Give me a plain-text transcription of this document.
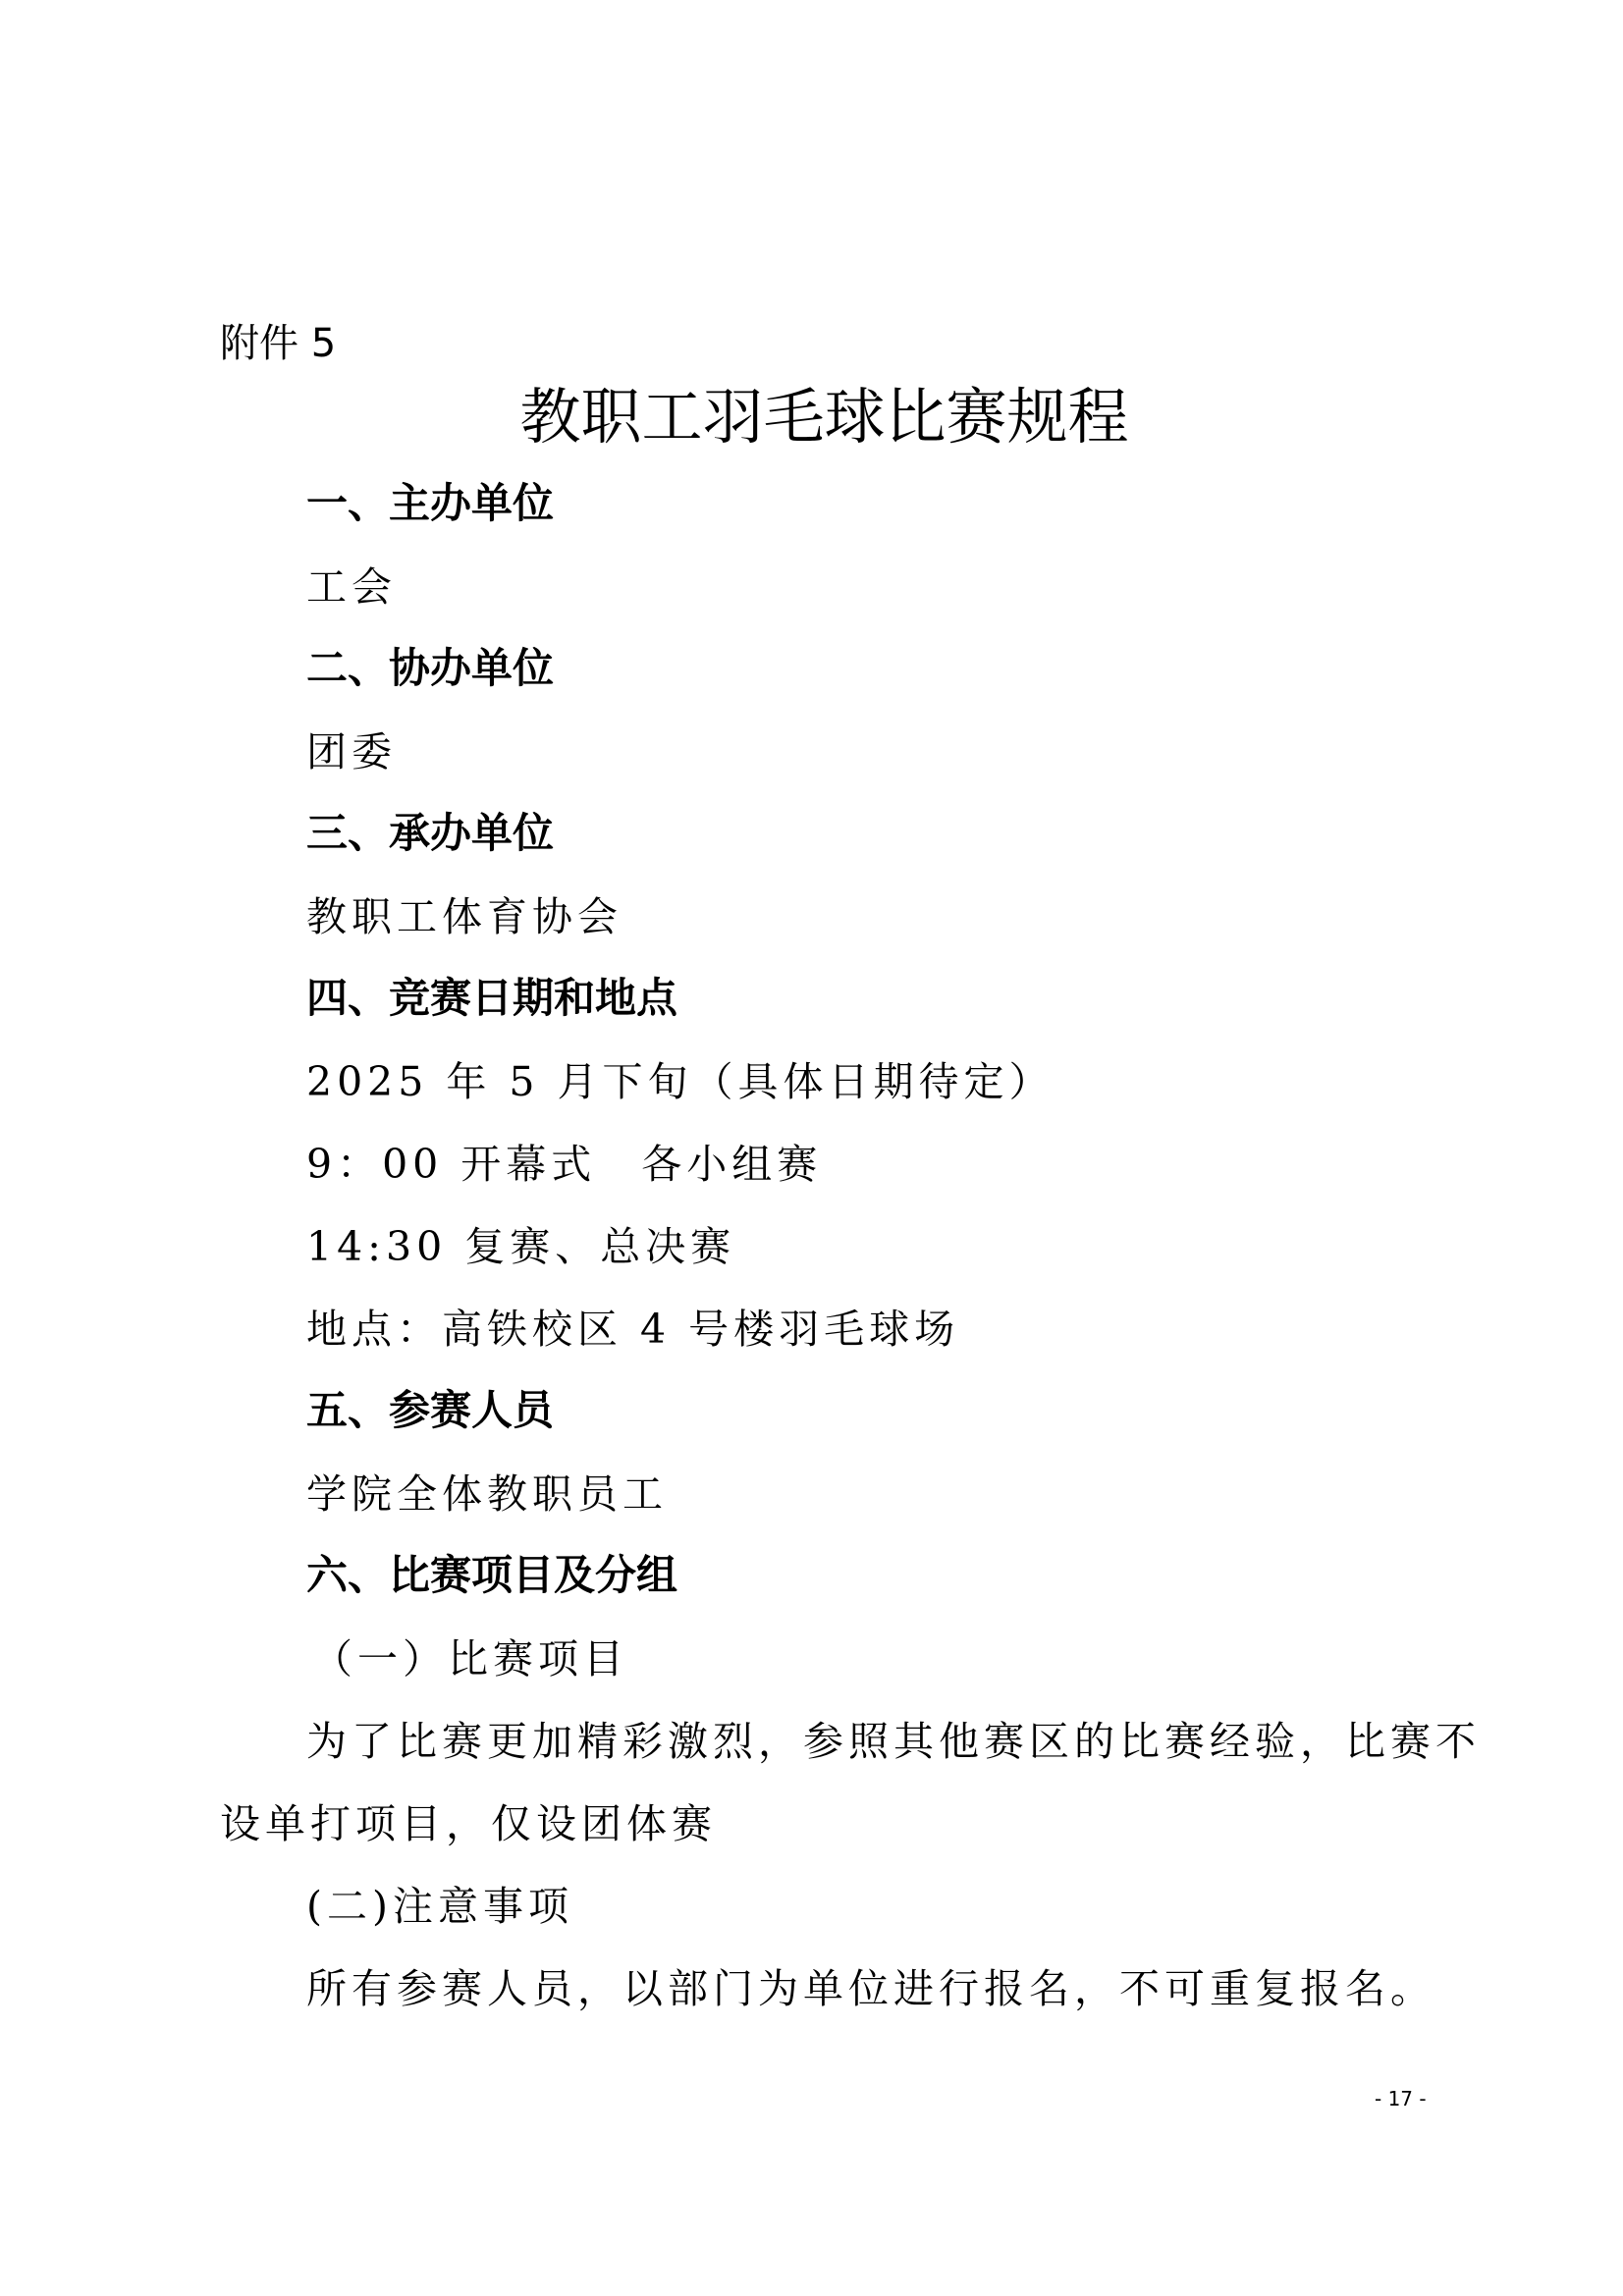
附件 5
教职工羽毛球比赛规程
一、主办单位
工会
二、协办单位
团委
三、承办单位
教职工体育协会
四、竞赛日期和地点
2025 年 5 月下旬（具体日期待定）
9：00 开幕式　各小组赛
14:30 复赛、总决赛
地点：高铁校区 4 号楼羽毛球场
五、参赛人员
学院全体教职员工
六、比赛项目及分组
（一）比赛项目
为了比赛更加精彩激烈，参照其他赛区的比赛经验，比赛不
设单打项目，仅设团体赛
(二)注意事项
所有参赛人员，以部门为单位进行报名，不可重复报名。
- 17 -
